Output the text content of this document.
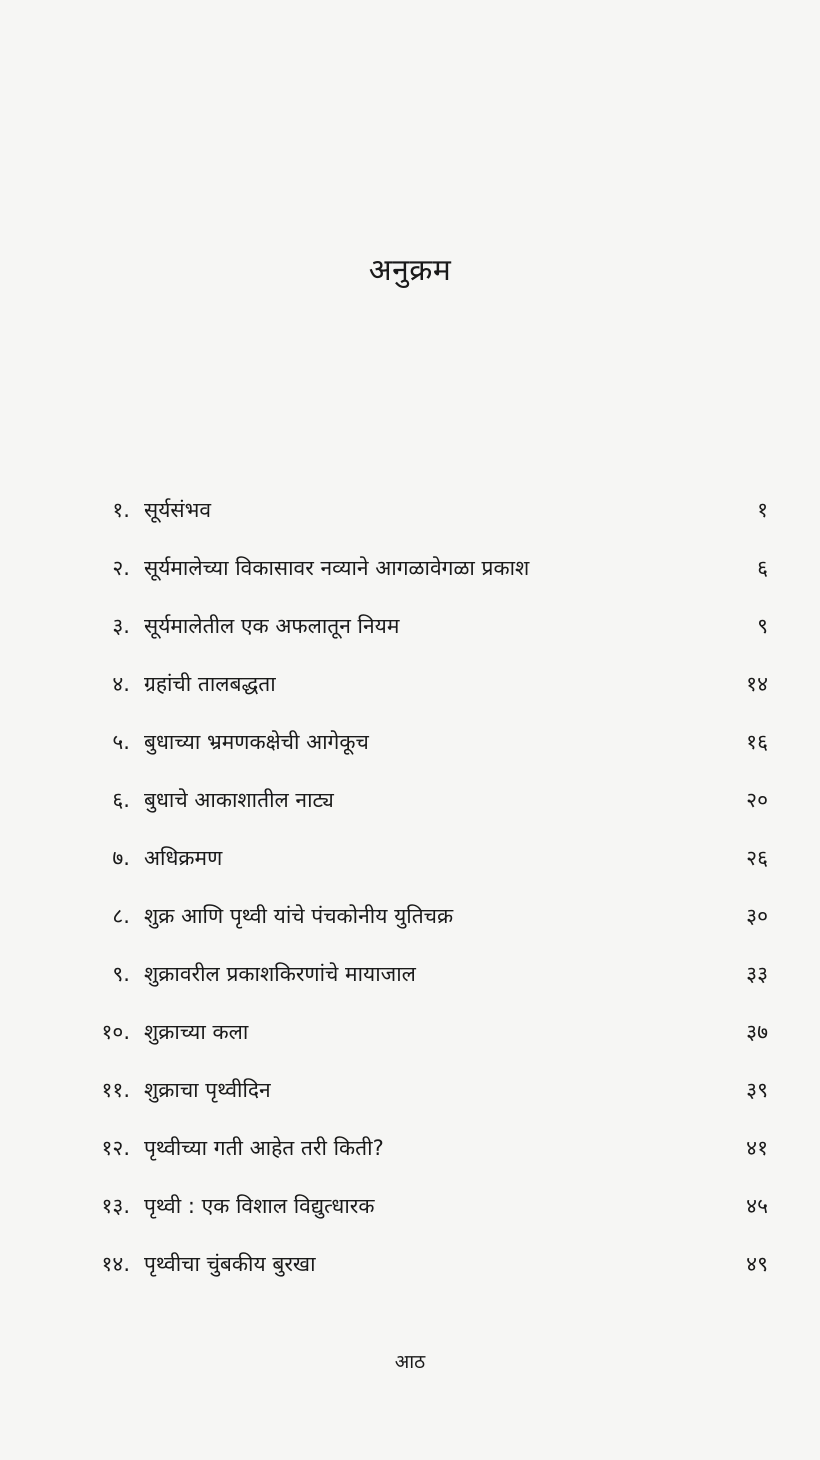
अनुक्रम
१. सूर्यसंभव	१
२. सूर्यमालेच्या विकासावर नव्याने आगळावेगळा प्रकाश	६
३. सूर्यमालेतील एक अफलातून नियम	९
४. ग्रहांची तालबद्धता	१४
५. बुधाच्या भ्रमणकक्षेची आगेकूच	१६
६. बुधाचे आकाशातील नाट्य	२०
७. अधिक्रमण	२६
८. शुक्र आणि पृथ्वी यांचे पंचकोनीय युतिचक्र	३०
९. शुक्रावरील प्रकाशकिरणांचे मायाजाल	३३
१०. शुक्राच्या कला	३७
११. शुक्राचा पृथ्वीदिन	३९
१२. पृथ्वीच्या गती आहेत तरी किती?	४१
१३. पृथ्वी : एक विशाल विद्युत्धारक	४५
१४. पृथ्वीचा चुंबकीय बुरखा	४९
आठ
